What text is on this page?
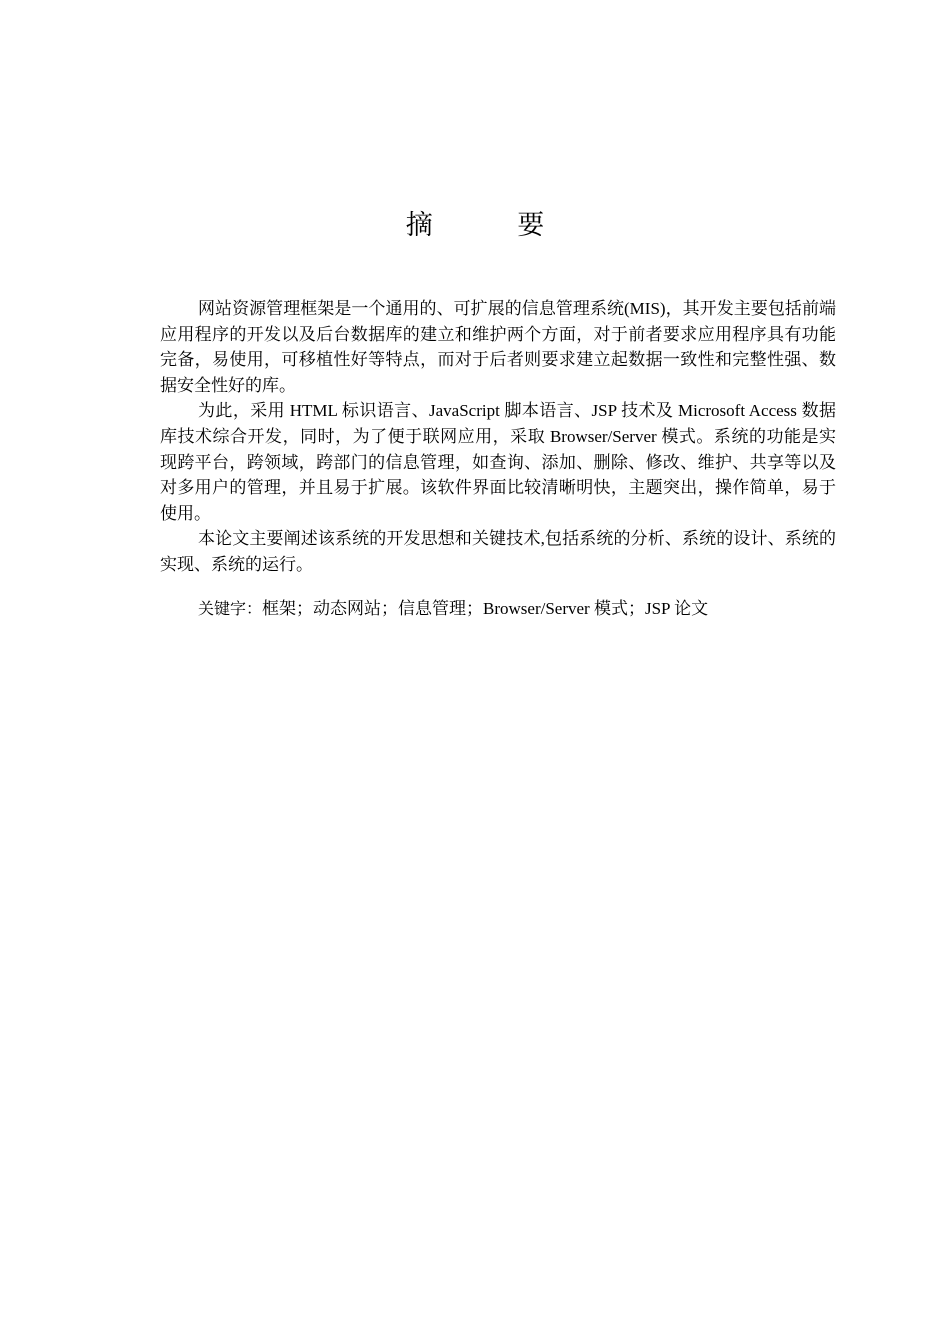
摘 要

网站资源管理框架是一个通用的、可扩展的信息管理系统(MIS)，其开发主要包括前端应用程序的开发以及后台数据库的建立和维护两个方面，对于前者要求应用程序具有功能完备，易使用，可移植性好等特点，而对于后者则要求建立起数据一致性和完整性强、数据安全性好的库。

为此，采用 HTML 标识语言、JavaScript 脚本语言、JSP 技术及 Microsoft Access 数据库技术综合开发，同时，为了便于联网应用，采取 Browser/Server 模式。系统的功能是实现跨平台，跨领域，跨部门的信息管理，如查询、添加、删除、修改、维护、共享等以及对多用户的管理，并且易于扩展。该软件界面比较清晰明快，主题突出，操作简单，易于使用。

本论文主要阐述该系统的开发思想和关键技术,包括系统的分析、系统的设计、系统的实现、系统的运行。

关键字：框架；动态网站；信息管理；Browser/Server 模式；JSP 论文
